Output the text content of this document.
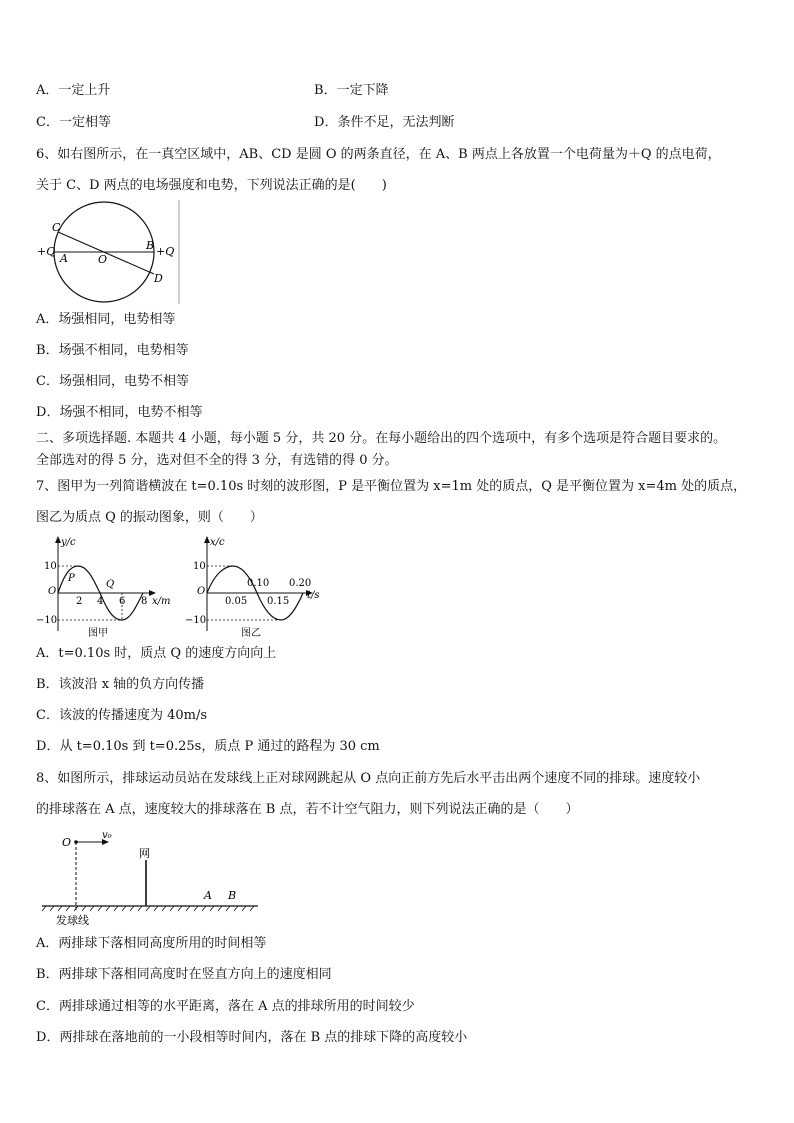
A．一定上升	B．一定下降
C．一定相等	D．条件不足，无法判断
6、如右图所示，在一真空区域中，AB、CD 是圆 O 的两条直径，在 A、B 两点上各放置一个电荷量为＋Q 的点电荷，
关于 C、D 两点的电场强度和电势，下列说法正确的是(　　)
C
+Q
A	O
B +Q
D
A．场强相同，电势相等
B．场强不相同，电势相等
C．场强相同，电势不相等
D．场强不相同，电势不相等
二、多项选择题. 本题共 4 小题，每小题 5 分，共 20 分。在每小题给出的四个选项中，有多个选项是符合题目要求的。
全部选对的得 5 分，选对但不全的得 3 分，有选错的得 0 分。
7、图甲为一列简谐横波在 t=0.10s 时刻的波形图，P 是平衡位置为 x=1m 处的质点，Q 是平衡位置为 x=4m 处的质点，
图乙为质点 Q 的振动图象，则（　　）
y/c
10
−10
O
2 4 6 8 x/m
P
Q
图甲
x/c
10
−10
O
0.10 0.20
0.05 0.15
t/s
图乙
A．t=0.10s 时，质点 Q 的速度方向向上
B．该波沿 x 轴的负方向传播
C．该波的传播速度为 40m/s
D．从 t=0.10s 到 t=0.25s，质点 P 通过的路程为 30 cm
8、如图所示，排球运动员站在发球线上正对球网跳起从 O 点向正前方先后水平击出两个速度不同的排球。速度较小
的排球落在 A 点，速度较大的排球落在 B 点，若不计空气阻力，则下列说法正确的是（　　）
O
v₀
网
A B
发球线
A．两排球下落相同高度所用的时间相等
B．两排球下落相同高度时在竖直方向上的速度相同
C．两排球通过相等的水平距离，落在 A 点的排球所用的时间较少
D．两排球在落地前的一小段相等时间内，落在 B 点的排球下降的高度较小
